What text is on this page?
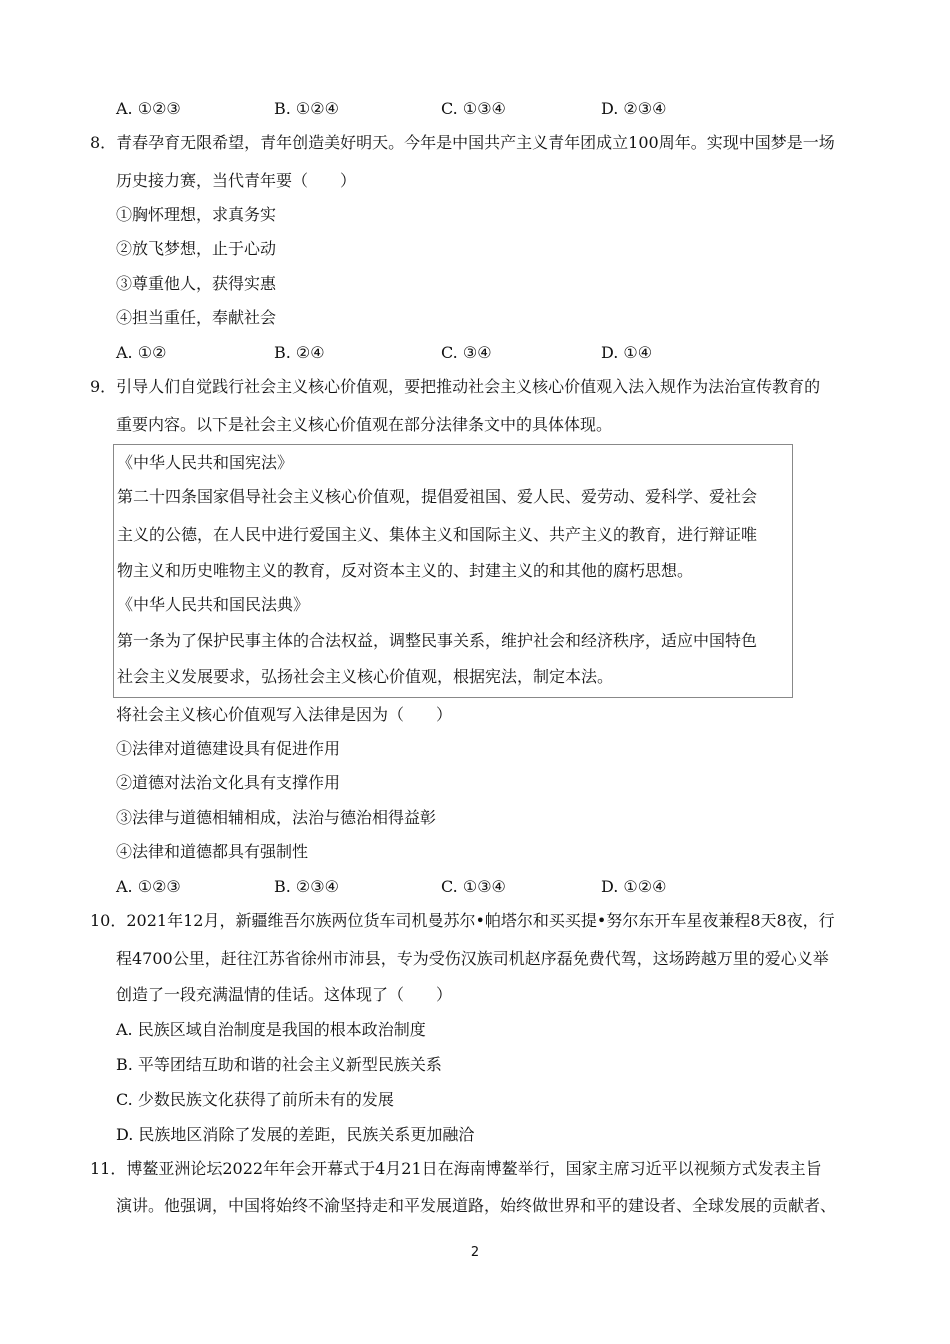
A. ①②③	B. ①②④	C. ①③④	D. ②③④
8．青春孕育无限希望，青年创造美好明天。今年是中国共产主义青年团成立100周年。实现中国梦是一场
历史接力赛，当代青年要（　　）
①胸怀理想，求真务实
②放飞梦想，止于心动
③尊重他人，获得实惠
④担当重任，奉献社会
A. ①②	B. ②④	C. ③④	D. ①④
9．引导人们自觉践行社会主义核心价值观，要把推动社会主义核心价值观入法入规作为法治宣传教育的
重要内容。以下是社会主义核心价值观在部分法律条文中的具体体现。
《中华人民共和国宪法》
第二十四条国家倡导社会主义核心价值观，提倡爱祖国、爱人民、爱劳动、爱科学、爱社会
主义的公德，在人民中进行爱国主义、集体主义和国际主义、共产主义的教育，进行辩证唯
物主义和历史唯物主义的教育，反对资本主义的、封建主义的和其他的腐朽思想。
《中华人民共和国民法典》
第一条为了保护民事主体的合法权益，调整民事关系，维护社会和经济秩序，适应中国特色
社会主义发展要求，弘扬社会主义核心价值观，根据宪法，制定本法。
将社会主义核心价值观写入法律是因为（　　）
①法律对道德建设具有促进作用
②道德对法治文化具有支撑作用
③法律与道德相辅相成，法治与德治相得益彰
④法律和道德都具有强制性
A. ①②③	B. ②③④	C. ①③④	D. ①②④
10．2021年12月，新疆维吾尔族两位货车司机曼苏尔•帕塔尔和买买提•努尔东开车星夜兼程8天8夜，行
程4700公里，赶往江苏省徐州市沛县，专为受伤汉族司机赵序磊免费代驾，这场跨越万里的爱心义举
创造了一段充满温情的佳话。这体现了（　　）
A. 民族区域自治制度是我国的根本政治制度
B. 平等团结互助和谐的社会主义新型民族关系
C. 少数民族文化获得了前所未有的发展
D. 民族地区消除了发展的差距，民族关系更加融洽
11．博鳌亚洲论坛2022年年会开幕式于4月21日在海南博鳌举行，国家主席习近平以视频方式发表主旨
演讲。他强调，中国将始终不渝坚持走和平发展道路，始终做世界和平的建设者、全球发展的贡献者、
2
